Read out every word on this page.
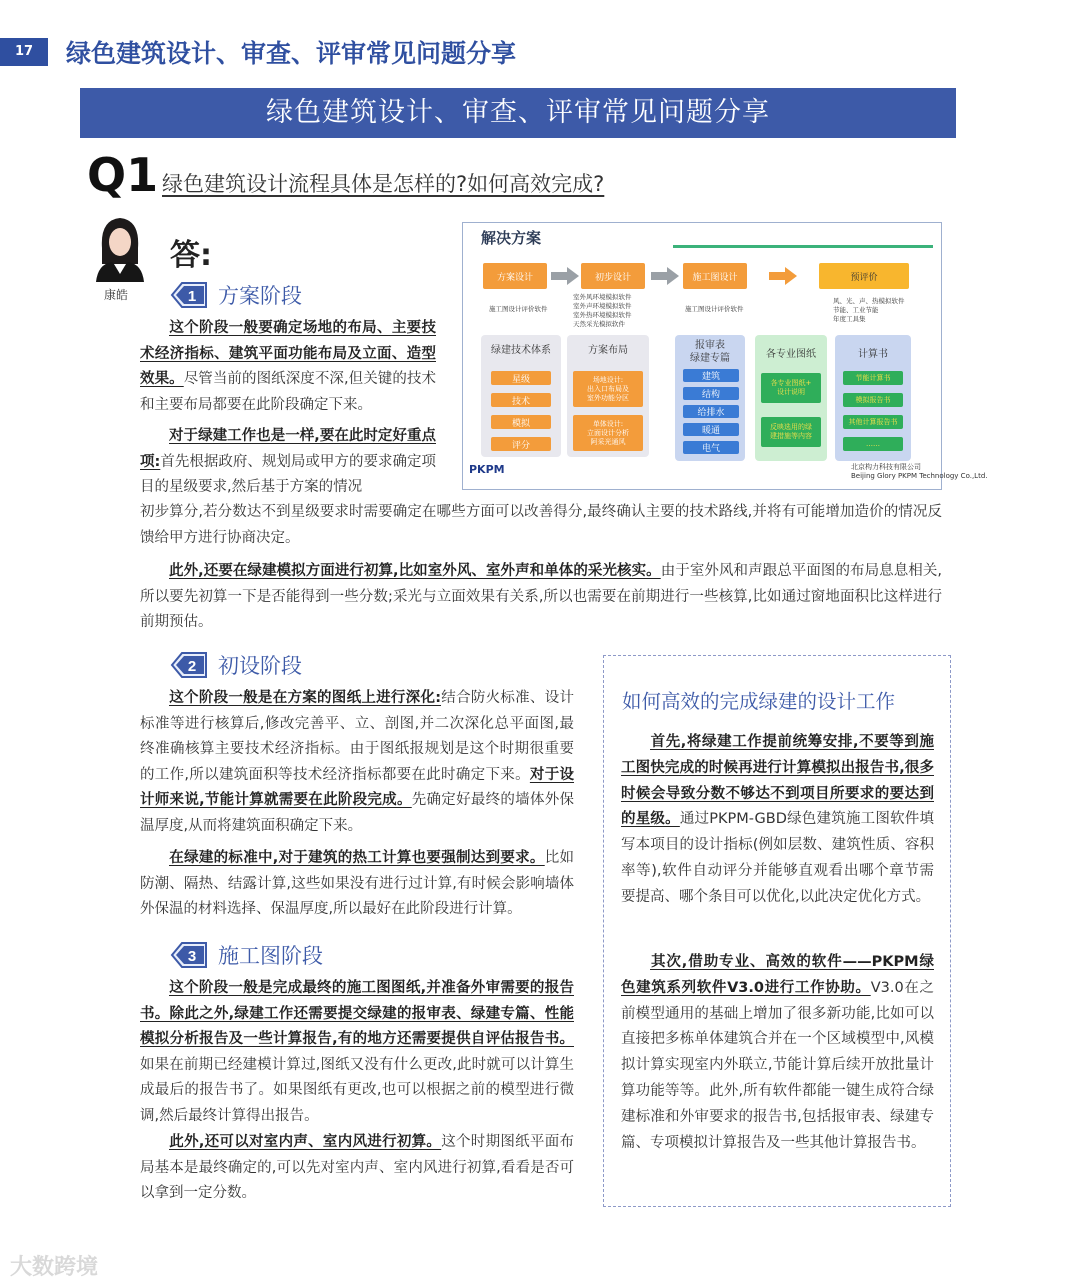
17	绿色建筑设计、审查、评审常见问题分享
绿色建筑设计、审查、评审常见问题分享
Q1 绿色建筑设计流程具体是怎样的?如何高效完成?
康皓
答:
1 方案阶段
这个阶段一般要确定场地的布局、主要技术经济指标、建筑平面功能布局及立面、造型效果。尽管当前的图纸深度不深,但关键的技术和主要布局都要在此阶段确定下来。
对于绿建工作也是一样,要在此时定好重点项:首先根据政府、规划局或甲方的要求确定项目的星级要求,然后基于方案的情况
初步算分,若分数达不到星级要求时需要确定在哪些方面可以改善得分,最终确认主要的技术路线,并将有可能增加造价的情况反馈给甲方进行协商决定。
此外,还要在绿建模拟方面进行初算,比如室外风、室外声和单体的采光核实。由于室外风和声跟总平面图的布局息息相关,所以要先初算一下是否能得到一些分数;采光与立面效果有关系,所以也需要在前期进行一些核算,比如通过窗地面积比这样进行前期预估。
解决方案
方案设计	初步设计	施工图设计	预评价
施工图设计评价软件
室外风环境模拟软件
室外声环境模拟软件
室外热环境模拟软件
天然采光模拟软件
施工图设计评价软件
风、光、声、热模拟软件
节能、工业节能
年度工具集
绿建技术体系
星级
技术
模拟
评分
方案布局
场地设计:
出入口布局及
室外功能分区
单体设计:
立面设计分析
阿采光通风
报审表
绿建专篇
建筑
结构
给排水
暖通
电气
各专业图纸
各专业图纸+
设计说明
反映选用的绿
建措施等内容
计算书
节能计算书
模拟报告书
其他计算报告书
……
PKPM	北京构力科技有限公司
Beijing Glory PKPM Technology Co.,Ltd.
2 初设阶段
这个阶段一般是在方案的图纸上进行深化:结合防火标准、设计标准等进行核算后,修改完善平、立、剖图,并二次深化总平面图,最终准确核算主要技术经济指标。由于图纸报规划是这个时期很重要的工作,所以建筑面积等技术经济指标都要在此时确定下来。对于设计师来说,节能计算就需要在此阶段完成。先确定好最终的墙体外保温厚度,从而将建筑面积确定下来。
在绿建的标准中,对于建筑的热工计算也要强制达到要求。比如防潮、隔热、结露计算,这些如果没有进行过计算,有时候会影响墙体外保温的材料选择、保温厚度,所以最好在此阶段进行计算。
3 施工图阶段
这个阶段一般是完成最终的施工图图纸,并准备外审需要的报告书。除此之外,绿建工作还需要提交绿建的报审表、绿建专篇、性能模拟分析报告及一些计算报告,有的地方还需要提供自评估报告书。如果在前期已经建模计算过,图纸又没有什么更改,此时就可以计算生成最后的报告书了。如果图纸有更改,也可以根据之前的模型进行微调,然后最终计算得出报告。
此外,还可以对室内声、室内风进行初算。这个时期图纸平面布局基本是最终确定的,可以先对室内声、室内风进行初算,看看是否可以拿到一定分数。
如何高效的完成绿建的设计工作
首先,将绿建工作提前统筹安排,不要等到施工图快完成的时候再进行计算模拟出报告书,很多时候会导致分数不够达不到项目所要求的要达到的星级。通过PKPM-GBD绿色建筑施工图软件填写本项目的设计指标(例如层数、建筑性质、容积率等),软件自动评分并能够直观看出哪个章节需要提高、哪个条目可以优化,以此决定优化方式。
其次,借助专业、高效的软件——PKPM绿色建筑系列软件V3.0进行工作协助。V3.0在之前模型通用的基础上增加了很多新功能,比如可以直接把多栋单体建筑合并在一个区域模型中,风模拟计算实现室内外联立,节能计算后续开放批量计算功能等等。此外,所有软件都能一键生成符合绿建标准和外审要求的报告书,包括报审表、绿建专篇、专项模拟计算报告及一些其他计算报告书。
大数跨境
